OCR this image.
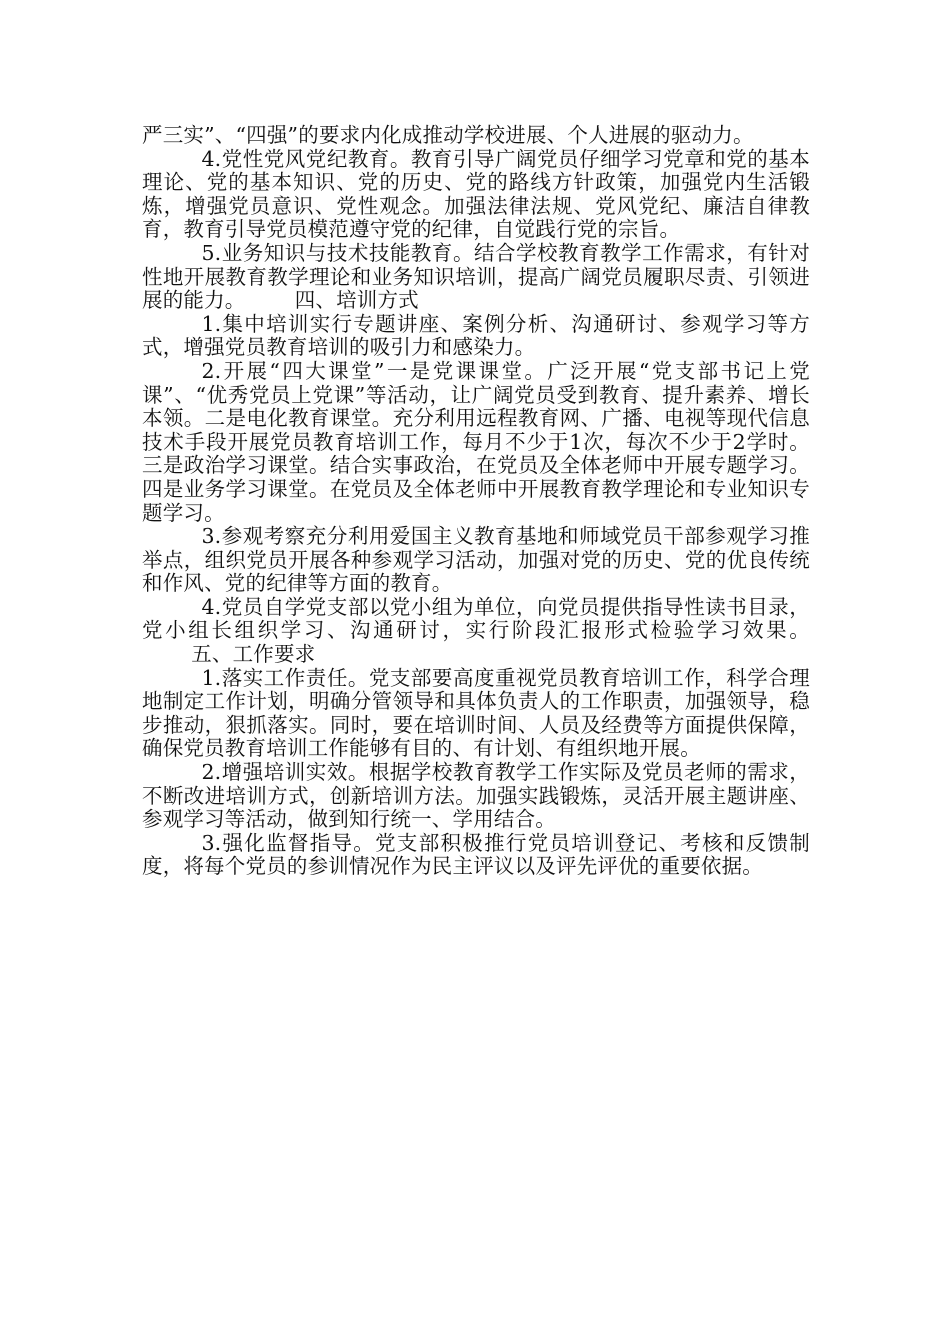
严三实”、“四强”的要求内化成推动学校进展、个人进展的驱动力。

4.党性党风党纪教育。教育引导广阔党员仔细学习党章和党的基本理论、党的基本知识、党的历史、党的路线方针政策，加强党内生活锻炼，增强党员意识、党性观念。加强法律法规、党风党纪、廉洁自律教育，教育引导党员模范遵守党的纪律，自觉践行党的宗旨。

5.业务知识与技术技能教育。结合学校教育教学工作需求，有针对性地开展教育教学理论和业务知识培训，提高广阔党员履职尽责、引领进展的能力。 四、培训方式

1.集中培训实行专题讲座、案例分析、沟通研讨、参观学习等方式，增强党员教育培训的吸引力和感染力。

2.开展“四大课堂”一是党课课堂。广泛开展“党支部书记上党课”、“优秀党员上党课”等活动，让广阔党员受到教育、提升素养、增长本领。二是电化教育课堂。充分利用远程教育网、广播、电视等现代信息技术手段开展党员教育培训工作，每月不少于1次，每次不少于2学时。三是政治学习课堂。结合实事政治，在党员及全体老师中开展专题学习。四是业务学习课堂。在党员及全体老师中开展教育教学理论和专业知识专题学习。

3.参观考察充分利用爱国主义教育基地和师域党员干部参观学习推举点，组织党员开展各种参观学习活动，加强对党的历史、党的优良传统和作风、党的纪律等方面的教育。

4.党员自学党支部以党小组为单位，向党员提供指导性读书目录，党小组长组织学习、沟通研讨，实行阶段汇报形式检验学习效果。五、工作要求

1.落实工作责任。党支部要高度重视党员教育培训工作，科学合理地制定工作计划，明确分管领导和具体负责人的工作职责，加强领导，稳步推动，狠抓落实。同时，要在培训时间、人员及经费等方面提供保障，确保党员教育培训工作能够有目的、有计划、有组织地开展。

2.增强培训实效。根据学校教育教学工作实际及党员老师的需求，不断改进培训方式，创新培训方法。加强实践锻炼，灵活开展主题讲座、参观学习等活动，做到知行统一、学用结合。

3.强化监督指导。党支部积极推行党员培训登记、考核和反馈制度，将每个党员的参训情况作为民主评议以及评先评优的重要依据。
